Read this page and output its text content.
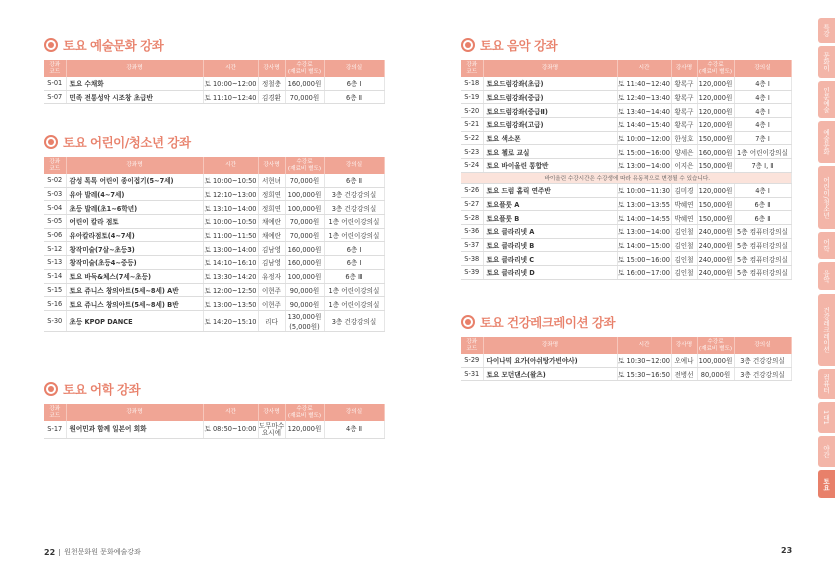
토요 예술문화 강좌
강좌
코드	강좌명	시간	강사명	수강료
(재료비 별도)	강의실
S-01	토요 수채화	토 10:00~12:00	정철충	160,000원	6층 Ⅰ
S-07	민족 전통성악 시조창 초급반	토 11:10~12:40	김경환	70,000원	6층 Ⅱ
토요 어린이/청소년 강좌
강좌
코드	강좌명	시간	강사명	수강료
(재료비 별도)	강의실
S-02	감성 톡톡 어린이 종이접기(5~7세)	토 10:00~10:50	서현녀	70,000원	6층 Ⅱ
S-03	유아 발레(4~7세)	토 12:10~13:00	정희연	100,000원	3층 건강강의실
S-04	초등 발레(초1~6학년)	토 13:10~14:00	정희연	100,000원	3층 건강강의실
S-05	어린이 칼라 점토	토 10:00~10:50	채예란	70,000원	1층 어린이강의실
S-06	유아칼라점토(4~7세)	토 11:00~11:50	채예란	70,000원	1층 어린이강의실
S-12	창작미술(7살~초등3)	토 13:00~14:00	김남영	160,000원	6층 Ⅰ
S-13	창작미술(초등4~중등)	토 14:10~16:10	김남영	160,000원	6층 Ⅰ
S-14	토요 바둑&체스(7세~초등)	토 13:30~14:20	유정자	100,000원	6층 Ⅲ
S-15	토요 쥬니스 창의아트(5세~8세) A반	토 12:00~12:50	이현주	90,000원	1층 어린이강의실
S-16	토요 쥬니스 창의아트(5세~8세) B반	토 13:00~13:50	이현주	90,000원	1층 어린이강의실
S-30	초등 KPOP DANCE	토 14:20~15:10	리다	130,000원
(5,000원)	3층 건강강의실
토요 어학 강좌
강좌
코드	강좌명	시간	강사명	수강료
(재료비 별도)	강의실
S-17	원어민과 함께 일본어 회화	토 08:50~10:00	도무마수
요시에	120,000원	4층 Ⅱ
토요 음악 강좌
강좌
코드	강좌명	시간	강사명	수강료
(재료비 별도)	강의실
S-18	토요드럼강좌(초급)	토 11:40~12:40	황록구	120,000원	4층 Ⅰ
S-19	토요드럼강좌(중급)	토 12:40~13:40	황록구	120,000원	4층 Ⅰ
S-20	토요드럼강좌(중급Ⅱ)	토 13:40~14:40	황록구	120,000원	4층 Ⅰ
S-21	토요드럼강좌(고급)	토 14:40~15:40	황록구	120,000원	4층 Ⅰ
S-22	토요 색소폰	토 10:00~12:00	한성호	150,000원	7층 Ⅰ
S-23	토요 첼로 교실	토 15:00~16:00	양세은	160,000원	1층 어린이강의실
S-24	토요 바이올린 통합반	토 13:00~14:00	이지은	150,000원	7층 Ⅰ, Ⅱ
바이올린 수강시간은 수강생에 따라 유동적으로 변경될 수 있습니다.					
S-26	토요 드럼 홈릭 연주반	토 10:00~11:30	김미경	120,000원	4층 Ⅰ
S-27	토요플룻 A	토 13:00~13:55	박혜연	150,000원	6층 Ⅱ
S-28	토요플룻 B	토 14:00~14:55	박혜연	150,000원	6층 Ⅱ
S-36	토요 클라리넷 A	토 13:00~14:00	김인철	240,000원	5층 컴퓨터강의실
S-37	토요 클라리넷 B	토 14:00~15:00	김인철	240,000원	5층 컴퓨터강의실
S-38	토요 클라리넷 C	토 15:00~16:00	김인철	240,000원	5층 컴퓨터강의실
S-39	토요 클라리넷 D	토 16:00~17:00	김인철	240,000원	5층 컴퓨터강의실
토요 건강레크레이션 강좌
강좌
코드	강좌명	시간	강사명	수강료
(재료비 별도)	강의실
S-29	다이나믹 요가(아쉬탕가빈야사)	토 10:30~12:00	오예나	100,000원	3층 건강강의실
S-31	토요 모던댄스(왈츠)	토 15:30~16:50	전병선	80,000원	3층 건강강의실
특강
문화이
인문예술
예술문화
어린이/청소년
어학
음악
건강레크레이션
컴퓨터
1대1
야간
토요
22 원천문화원 문화예술강좌	23
